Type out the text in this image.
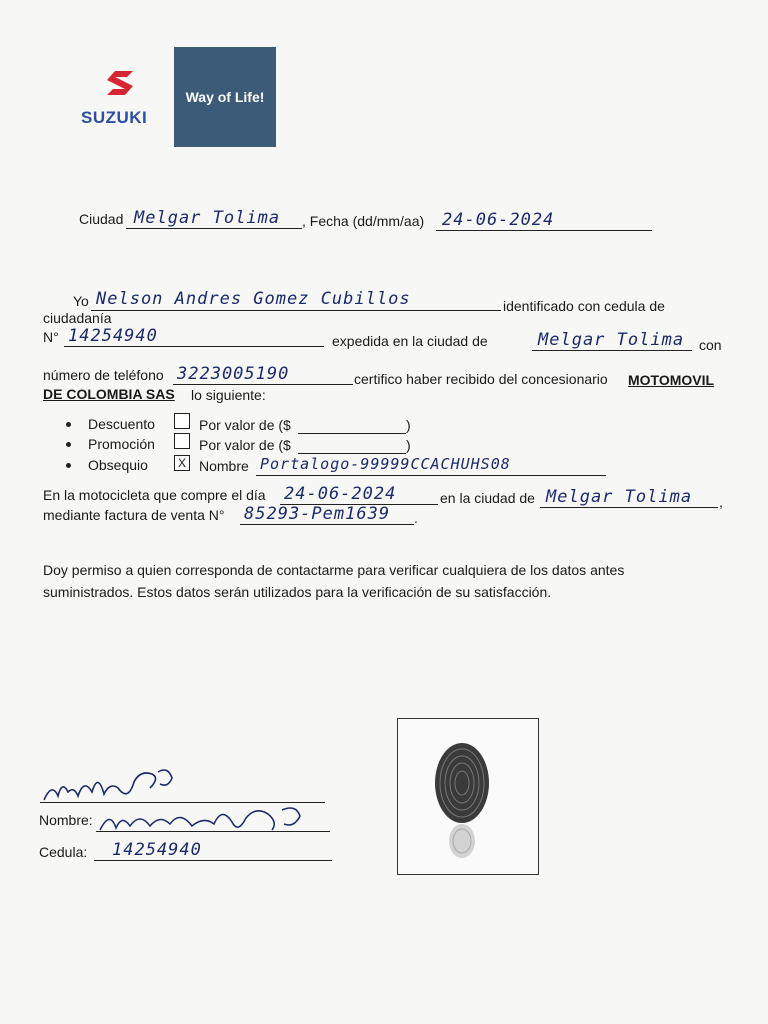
SUZUKI
Way of Life!
Ciudad Melgar Tolima , Fecha (dd/mm/aa) 24-06-2024
Yo Nelson Andres Gomez Cubillos	identificado con cedula de
ciudadanía
N° 14254940	expedida en la ciudad de	Melgar Tolima con
número de teléfono 3223005190	certifico haber recibido del concesionario MOTOMOVIL
DE COLOMBIA SAS lo siguiente:
Descuento	Por valor de ($	)
Promoción	Por valor de ($	)
Obsequio	X Nombre Portalogo-99999CCACHUHS08
En la motocicleta que compre el día 24-06-2024	en la ciudad de Melgar Tolima ,
mediante factura de venta N° 85293-Pem1639 .
Doy permiso a quien corresponda de contactarme para verificar cualquiera de los datos antes
suministrados. Estos datos serán utilizados para la verificación de su satisfacción.
Nombre:
Cedula: 14254940
